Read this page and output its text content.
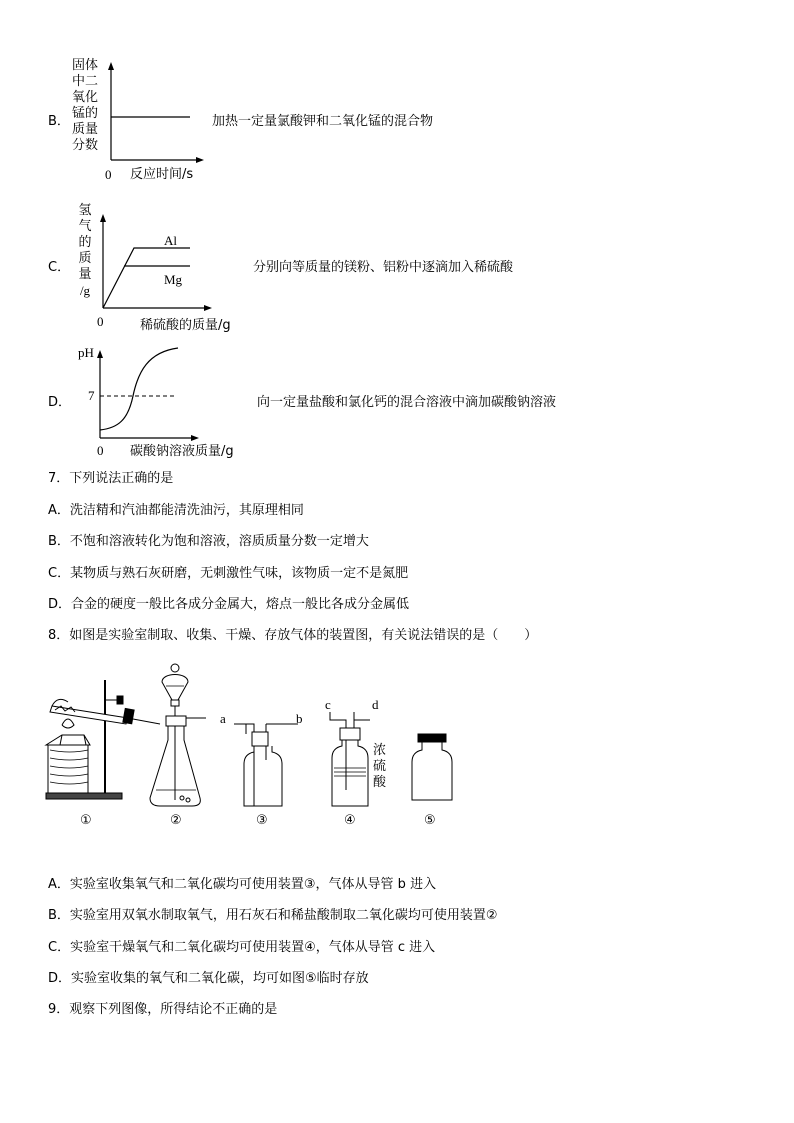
B．
固体
中二
氧化
锰的
质量
分数
0 反应时间/s
加热一定量氯酸钾和二氧化锰的混合物
C．
氢
气
的
质
量
/g
Al
Mg
0	稀硫酸的质量/g
分别向等质量的镁粉、铝粉中逐滴加入稀硫酸
D．
pH
7
0 碳酸钠溶液质量/g
向一定量盐酸和氯化钙的混合溶液中滴加碳酸钠溶液
7．下列说法正确的是
A．洗洁精和汽油都能清洗油污，其原理相同
B．不饱和溶液转化为饱和溶液，溶质质量分数一定增大
C．某物质与熟石灰研磨，无刺激性气味，该物质一定不是氮肥
D．合金的硬度一般比各成分金属大，熔点一般比各成分金属低
8．如图是实验室制取、收集、干燥、存放气体的装置图，有关说法错误的是（　　）
a	b
c	d
浓
硫
酸
①	②	③	④	⑤
A．实验室收集氧气和二氧化碳均可使用装置③，气体从导管 b 进入
B．实验室用双氧水制取氧气，用石灰石和稀盐酸制取二氧化碳均可使用装置②
C．实验室干燥氧气和二氧化碳均可使用装置④，气体从导管 c 进入
D．实验室收集的氧气和二氧化碳，均可如图⑤临时存放
9．观察下列图像，所得结论不正确的是
